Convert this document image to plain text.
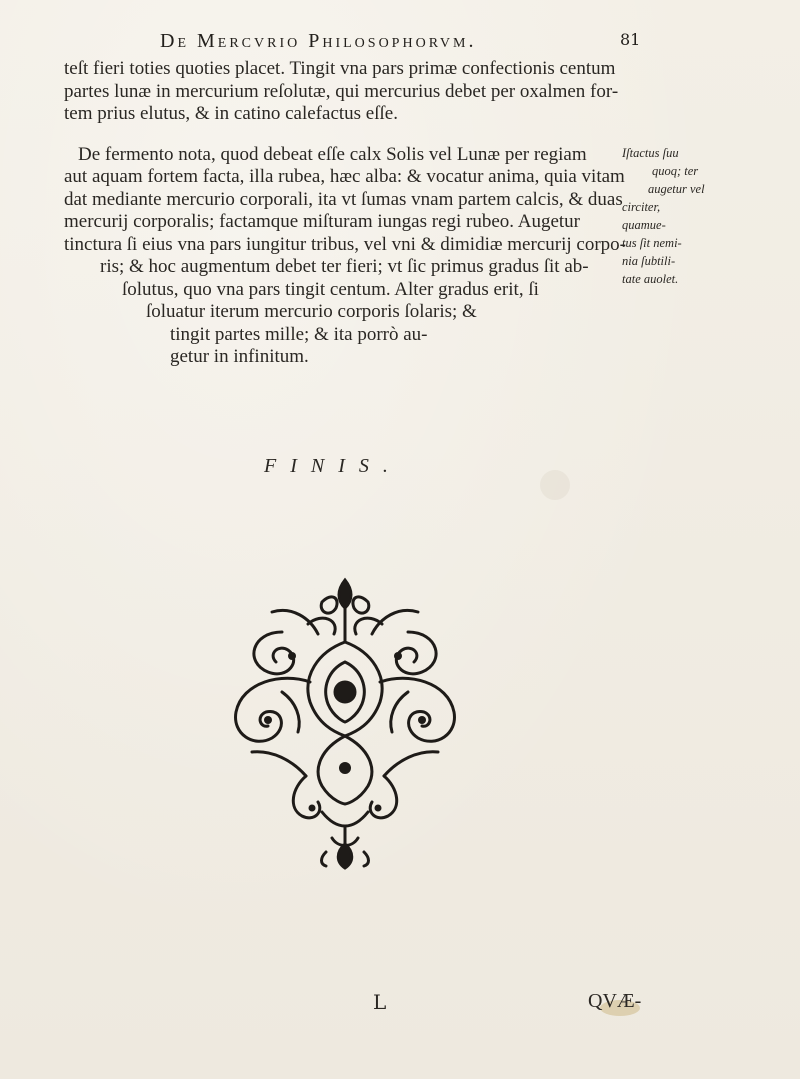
De Mercvrio Philosophorvm.	81
teſt fieri toties quoties placet. Tingit vna pars primæ confectionis centum
partes lunæ in mercurium reſolutæ, qui mercurius debet per oxalmen for-
tem prius elutus, & in catino calefactus eſſe.
De fermento nota, quod debeat eſſe calx Solis vel Lunæ per regiam
aut aquam fortem facta, illa rubea, hæc alba: & vocatur anima, quia vitam
dat mediante mercurio corporali, ita vt ſumas vnam partem calcis, & duas
mercurij corporalis; factamque miſturam iungas regi rubeo. Augetur
tinctura ſi eius vna pars iungitur tribus, vel vni & dimidiæ mercurij corpo-
ris; & hoc augmentum debet ter fieri; vt ſic primus gradus ſit ab-
ſolutus, quo vna pars tingit centum. Alter gradus erit, ſi
ſoluatur iterum mercurio corporis ſolaris; &
tingit partes mille; & ita porrò au-
getur in infinitum.
Iſtactus ſuu
quoq; ter
augetur vel
circiter,
quamue-
tus ſit nemi-
nia ſubtili-
tate auolet.
FINIS.
L	QVÆ-
